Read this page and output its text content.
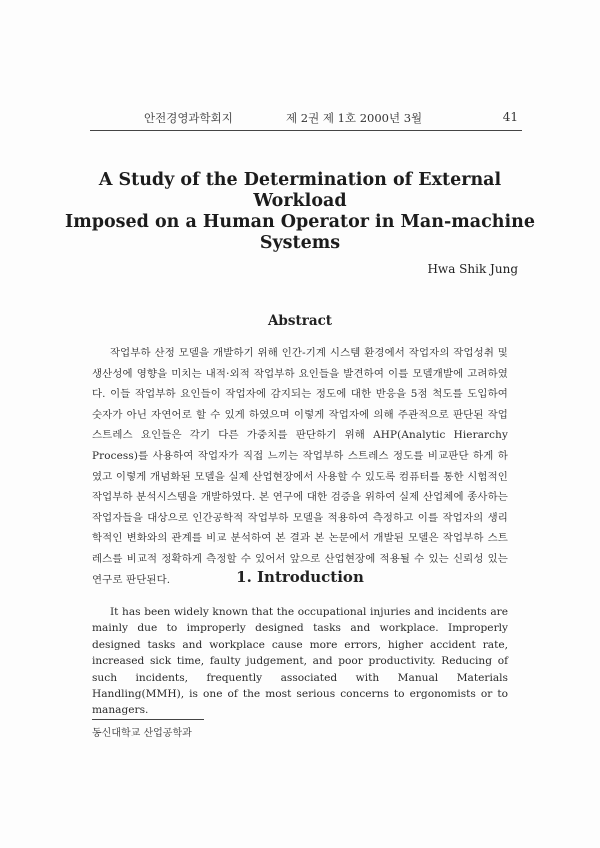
안전경영과학회지	제 2권 제 1호 2000년 3월	41
A Study of the Determination of External Workload
Imposed on a Human Operator in Man-machine
Systems
Hwa Shik Jung
Abstract
작업부하 산정 모델을 개발하기 위해 인간-기계 시스템 환경에서 작업자의 작업성취 및 생산성에 영향을 미치는 내적·외적 작업부하 요인들을 발견하여 이를 모델개발에 고려하였다. 이들 작업부하 요인들이 작업자에 감지되는 정도에 대한 반응을 5점 척도를 도입하여 숫자가 아닌 자연어로 할 수 있게 하였으며 이렇게 작업자에 의해 주관적으로 판단된 작업스트레스 요인들은 각기 다른 가중치를 판단하기 위해 AHP(Analytic Hierarchy Process)를 사용하여 작업자가 직접 느끼는 작업부하 스트레스 정도를 비교판단 하게 하였고 이렇게 개념화된 모델을 실제 산업현장에서 사용할 수 있도록 컴퓨터를 통한 시험적인 작업부하 분석시스템을 개발하였다. 본 연구에 대한 검증을 위하여 실제 산업체에 종사하는 작업자들을 대상으로 인간공학적 작업부하 모델을 적용하여 측정하고 이를 작업자의 생리학적인 변화와의 관계를 비교 분석하여 본 결과 본 논문에서 개발된 모델은 작업부하 스트레스를 비교적 정확하게 측정할 수 있어서 앞으로 산업현장에 적용될 수 있는 신뢰성 있는 연구로 판단된다.	1. Introduction
It has been widely known that the occupational injuries and incidents are mainly due to improperly designed tasks and workplace. Improperly designed tasks and workplace cause more errors, higher accident rate, increased sick time, faulty judgement, and poor productivity. Reducing of such incidents, frequently associated with Manual Materials Handling(MMH), is one of the most serious concerns to ergonomists or to managers.
동신대학교 산업공학과
